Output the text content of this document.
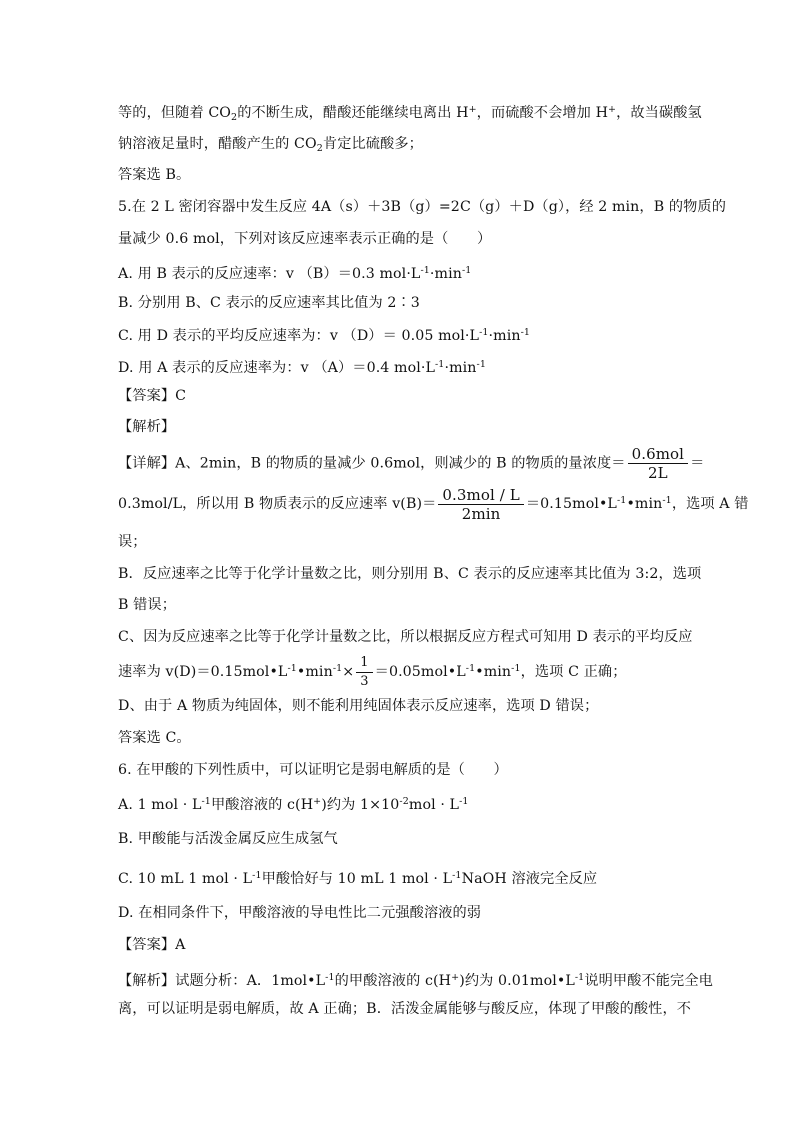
等的，但随着 $CO_2$的不断生成，醋酸还能继续电离出 H+，而硫酸不会增加 H+，故当碳酸氢
钠溶液足量时，醋酸产生的 $CO_2$肯定比硫酸多；
答案选 B。
5.在 2 L 密闭容器中发生反应 4A（s）＋3B（g）=2C（g）＋D（g），经 2 min，B 的物质的
量减少 0.6 mol，下列对该反应速率表示正确的是（　　）
A. 用 B 表示的反应速率：v （B）＝0.3 $mol\cdot L^{-1}\cdot\min^{-1}$
B. 分别用 B、C 表示的反应速率其比值为 2∶3
C. 用 D 表示的平均反应速率为：v （D）＝ 0.05 $mol\cdot L^{-1}\cdot\min^{-1}$
D. 用 A 表示的反应速率为：v （A）＝0.4 $mol\cdot L^{-1}\cdot\min^{-1}$
【答案】C
【解析】
【详解】A、2min，B 的物质的量减少 0.6mol，则减少的 B 的物质的量浓度＝ $\frac{\text{0.6mol}}{2L}$ ＝
0.3mol/L，所以用 B 物质表示的反应速率 $v(B)= \frac{\text{0.3mol / L}}{2\min}$ $=0.15mol•L^{-1}•\min^{-1}$，选项 A 错
误；
B．反应速率之比等于化学计量数之比，则分别用 B、C 表示的反应速率其比值为 3:2，选项
B 错误；
C、因为反应速率之比等于化学计量数之比，所以根据反应方程式可知用 D 表示的平均反应
速率为 $v(D)=0.15mol•L^{-1}•\min^{-1}\times \frac{1}{3}$ $=0.05mol•L^{-1}•\min^{-1}$，选项 C 正确；
D、由于 A 物质为纯固体，则不能利用纯固体表示反应速率，选项 D 错误；
答案选 C。
6. 在甲酸的下列性质中，可以证明它是弱电解质的是（　　）
A. 1 mol · $L^{-1}$甲酸溶液的 c(H+)约为 $1\times 10^{-2}mol \cdot L^{-1}$
B. 甲酸能与活泼金属反应生成氢气
C. 10 mL 1 mol · $L^{-1}$甲酸恰好与 10 mL 1 mol · $L^{-1}NaOH$ 溶液完全反应
D. 在相同条件下，甲酸溶液的导电性比二元强酸溶液的弱
【答案】A
【解析】试题分析：A．$1mol•L^{-1}$的甲酸溶液的 c(H+)约为 $0.01mol•L^{-1}$说明甲酸不能完全电
离，可以证明是弱电解质，故 A 正确；B．活泼金属能够与酸反应，体现了甲酸的酸性，不
